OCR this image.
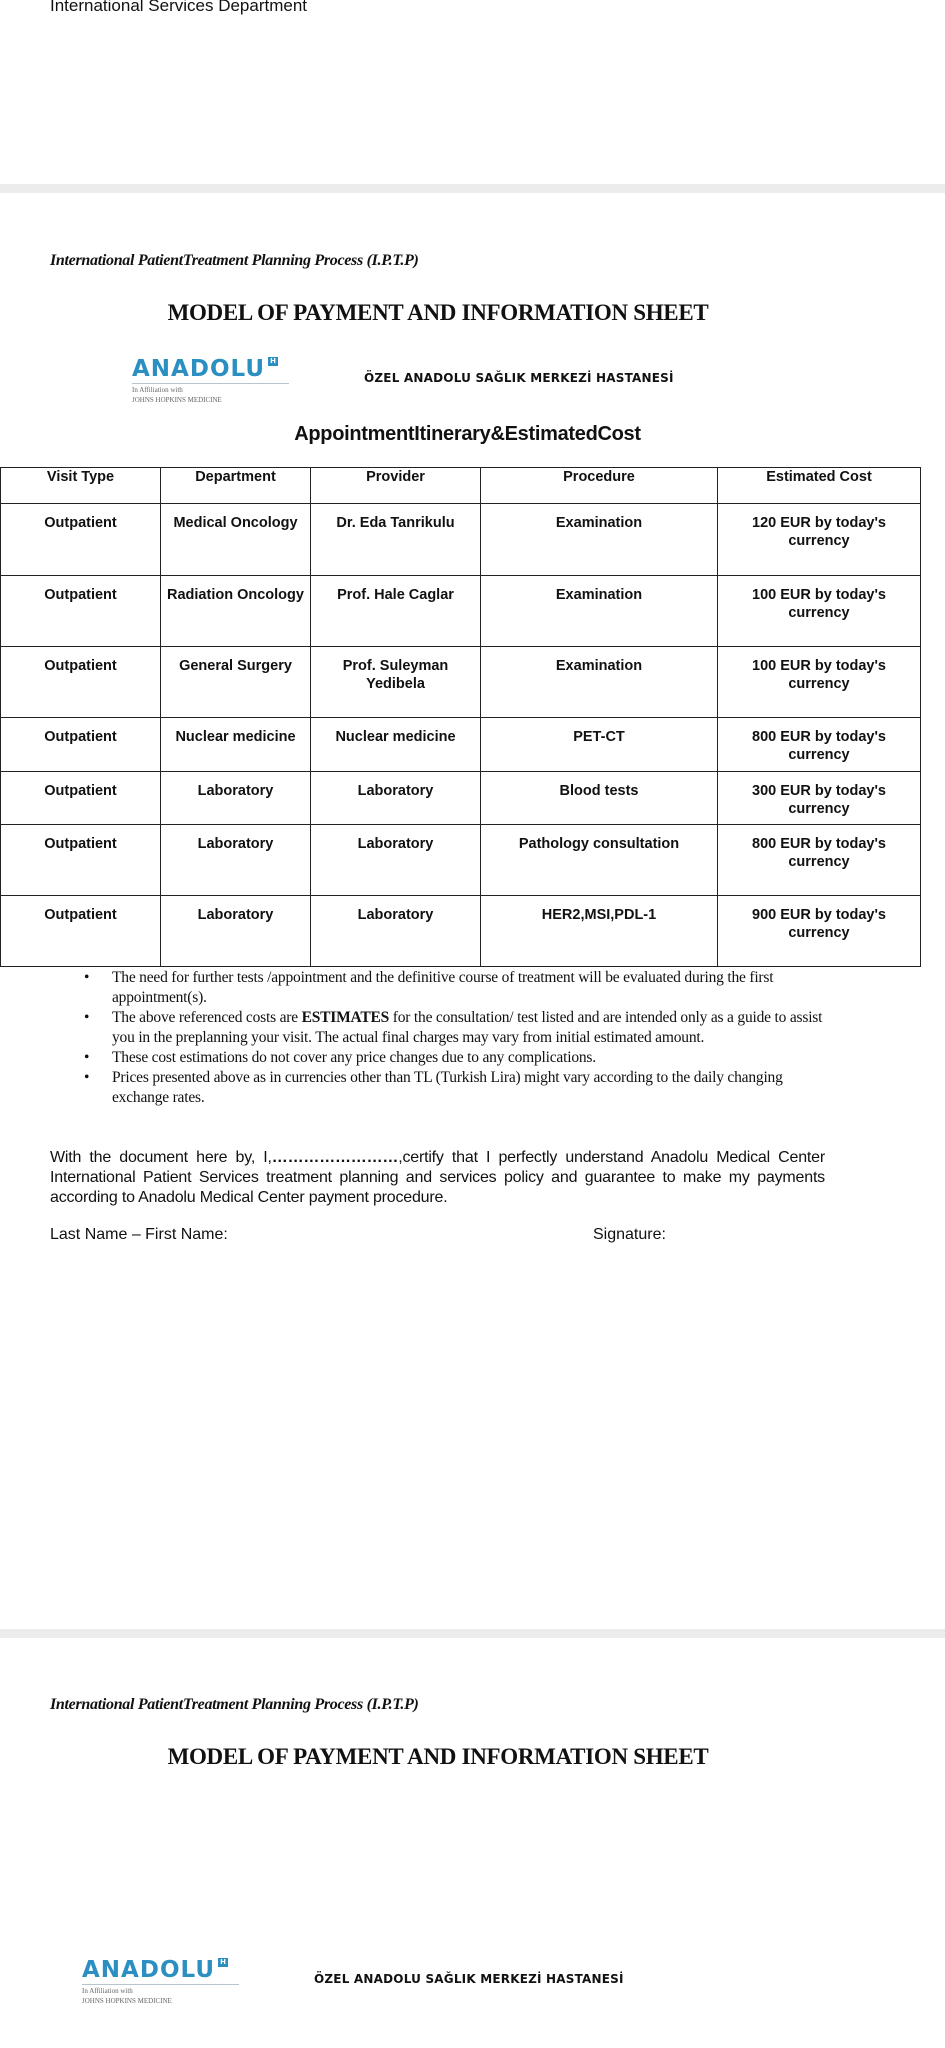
International Services Department
International PatientTreatment Planning Process (I.P.T.P)
MODEL OF PAYMENT AND INFORMATION SHEET
ANADOLU H
In Affiliation with
JOHNS HOPKINS MEDICINE
ÖZEL ANADOLU SAĞLIK MERKEZİ HASTANESİ
AppointmentItinerary&EstimatedCost
Visit Type	Department	Provider	Procedure	Estimated Cost
Outpatient	Medical Oncology	Dr. Eda Tanrikulu	Examination	120 EUR by today's currency
Outpatient	Radiation Oncology	Prof. Hale Caglar	Examination	100 EUR by today's currency
Outpatient	General Surgery	Prof. Suleyman Yedibela	Examination	100 EUR by today's currency
Outpatient	Nuclear medicine	Nuclear medicine	PET-CT	800 EUR by today's currency
Outpatient	Laboratory	Laboratory	Blood tests	300 EUR by today's currency
Outpatient	Laboratory	Laboratory	Pathology consultation	800 EUR by today's currency
Outpatient	Laboratory	Laboratory	HER2,MSI,PDL-1	900 EUR by today's currency
• The need for further tests /appointment and the definitive course of treatment will be evaluated during the first appointment(s).
• The above referenced costs are ESTIMATES for the consultation/ test listed and are intended only as a guide to assist you in the preplanning your visit. The actual final charges may vary from initial estimated amount.
• These cost estimations do not cover any price changes due to any complications.
• Prices presented above as in currencies other than TL (Turkish Lira) might vary according to the daily changing exchange rates.
With the document here by, I,……………………,certify that I perfectly understand Anadolu Medical Center International Patient Services treatment planning and services policy and guarantee to make my payments according to Anadolu Medical Center payment procedure.
Last Name – First Name:	Signature:
International PatientTreatment Planning Process (I.P.T.P)
MODEL OF PAYMENT AND INFORMATION SHEET
ANADOLU H
In Affiliation with
JOHNS HOPKINS MEDICINE
ÖZEL ANADOLU SAĞLIK MERKEZİ HASTANESİ
